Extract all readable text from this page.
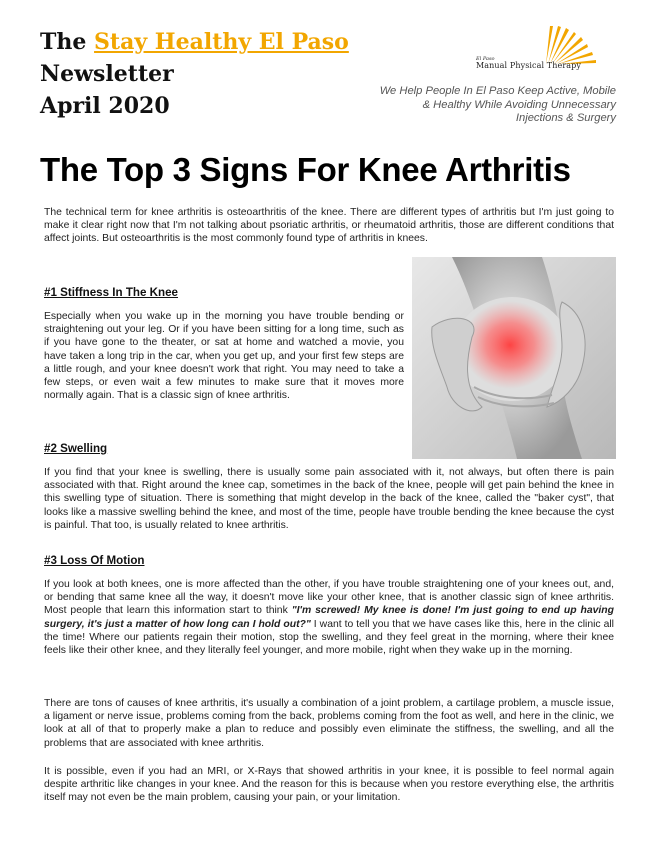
The Stay Healthy El Paso
Newsletter
April 2020
El Paso
Manual Physical Therapy
We Help People In El Paso Keep Active, Mobile
& Healthy While Avoiding Unnecessary
Injections & Surgery
The Top 3 Signs For Knee Arthritis

The technical term for knee arthritis is osteoarthritis of the knee. There are different types of arthritis but I'm just going to make it clear right now that I'm not talking about psoriatic arthritis, or rheumatoid arthritis, those are different conditions that affect joints. But osteoarthritis is the most commonly found type of arthritis in knees.

#1 Stiffness In The Knee

Especially when you wake up in the morning you have trouble bending or straightening out your leg. Or if you have been sitting for a long time, such as if you have gone to the theater, or sat at home and watched a movie, you have taken a long trip in the car, when you get up, and your first few steps are a little rough, and your knee doesn't work that right. You may need to take a few steps, or even wait a few minutes to make sure that it moves more normally again. That is a classic sign of knee arthritis.

#2 Swelling

If you find that your knee is swelling, there is usually some pain associated with it, not always, but often there is pain associated with that. Right around the knee cap, sometimes in the back of the knee, people will get pain behind the knee in this swelling type of situation. There is something that might develop in the back of the knee, called the "baker cyst", that looks like a massive swelling behind the knee, and most of the time, people have trouble bending the knee because the cyst is painful. That too, is usually related to knee arthritis.

#3 Loss Of Motion

If you look at both knees, one is more affected than the other, if you have trouble straightening one of your knees out, and, or bending that same knee all the way, it doesn't move like your other knee, that is another classic sign of knee arthritis. Most people that learn this information start to think "I'm screwed! My knee is done! I'm just going to end up having surgery, it's just a matter of how long can I hold out?" I want to tell you that we have cases like this, here in the clinic all the time! Where our patients regain their motion, stop the swelling, and they feel great in the morning, where their knee feels like their other knee, and they literally feel younger, and more mobile, right when they wake up in the morning.

There are tons of causes of knee arthritis, it's usually a combination of a joint problem, a cartilage problem, a muscle issue, a ligament or nerve issue, problems coming from the back, problems coming from the foot as well, and here in the clinic, we look at all of that to properly make a plan to reduce and possibly even eliminate the stiffness, the swelling, and all the problems that are associated with knee arthritis.

It is possible, even if you had an MRI, or X-Rays that showed arthritis in your knee, it is possible to feel normal again despite arthritic like changes in your knee. And the reason for this is because when you restore everything else, the arthritis itself may not even be the main problem, causing your pain, or your limitation.
